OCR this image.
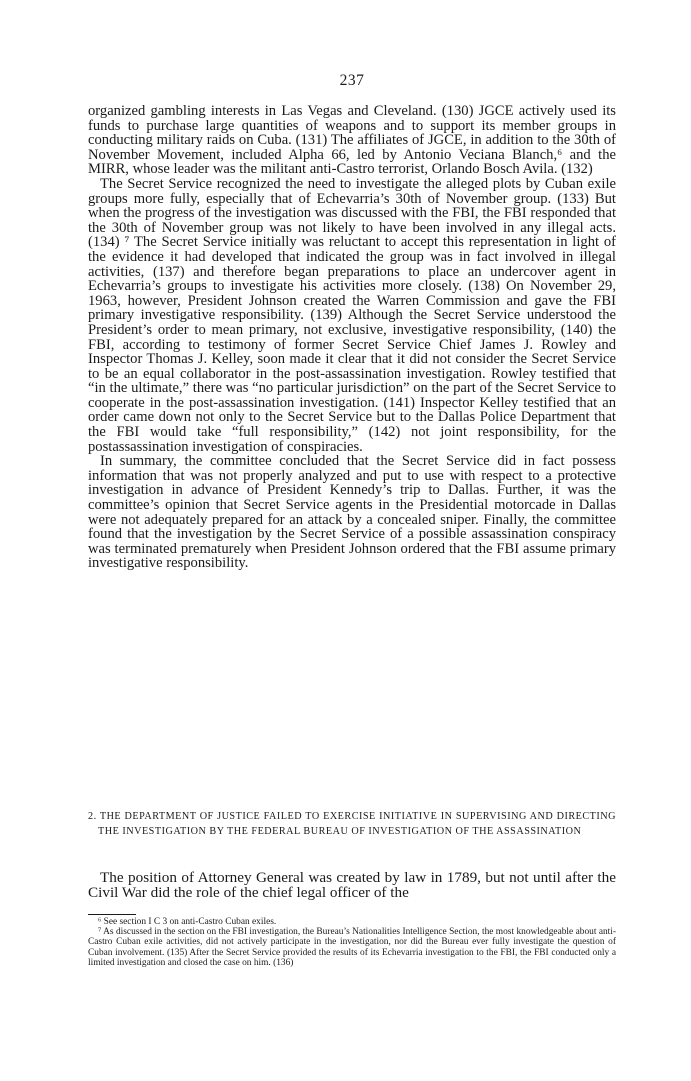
237

organized gambling interests in Las Vegas and Cleveland. (130) JGCE actively used its funds to purchase large quantities of weapons and to support its member groups in conducting military raids on Cuba. (131) The affiliates of JGCE, in addition to the 30th of November Movement, included Alpha 66, led by Antonio Veciana Blanch,⁶ and the MIRR, whose leader was the militant anti-Castro terrorist, Orlando Bosch Avila. (132)

The Secret Service recognized the need to investigate the alleged plots by Cuban exile groups more fully, especially that of Echevarria’s 30th of November group. (133) But when the progress of the investigation was discussed with the FBI, the FBI responded that the 30th of November group was not likely to have been involved in any illegal acts. (134) ⁷ The Secret Service initially was reluctant to accept this representation in light of the evidence it had developed that indicated the group was in fact involved in illegal activities, (137) and therefore began preparations to place an undercover agent in Echevarria’s groups to investigate his activities more closely. (138) On November 29, 1963, however, President Johnson created the Warren Commission and gave the FBI primary investigative responsibility. (139) Although the Secret Service understood the President’s order to mean primary, not exclusive, investigative responsibility, (140) the FBI, according to testimony of former Secret Service Chief James J. Rowley and Inspector Thomas J. Kelley, soon made it clear that it did not consider the Secret Service to be an equal collaborator in the post-assassination investigation. Rowley testified that “in the ultimate,” there was “no particular jurisdiction” on the part of the Secret Service to cooperate in the post-assassination investigation. (141) Inspector Kelley testified that an order came down not only to the Secret Service but to the Dallas Police Department that the FBI would take “full responsibility,” (142) not joint responsibility, for the postassassination investigation of conspiracies.

In summary, the committee concluded that the Secret Service did in fact possess information that was not properly analyzed and put to use with respect to a protective investigation in advance of President Kennedy’s trip to Dallas. Further, it was the committee’s opinion that Secret Service agents in the Presidential motorcade in Dallas were not adequately prepared for an attack by a concealed sniper. Finally, the committee found that the investigation by the Secret Service of a possible assassination conspiracy was terminated prematurely when President Johnson ordered that the FBI assume primary investigative responsibility.

2. THE DEPARTMENT OF JUSTICE FAILED TO EXERCISE INITIATIVE IN SUPERVISING AND DIRECTING THE INVESTIGATION BY THE FEDERAL BUREAU OF INVESTIGATION OF THE ASSASSINATION
The position of Attorney General was created by law in 1789, but not until after the Civil War did the role of the chief legal officer of the

⁶ See section I C 3 on anti-Castro Cuban exiles.

⁷ As discussed in the section on the FBI investigation, the Bureau’s Nationalities Intelligence Section, the most knowledgeable about anti-Castro Cuban exile activities, did not actively participate in the investigation, nor did the Bureau ever fully investigate the question of Cuban involvement. (135) After the Secret Service provided the results of its Echevarria investigation to the FBI, the FBI conducted only a limited investigation and closed the case on him. (136)
